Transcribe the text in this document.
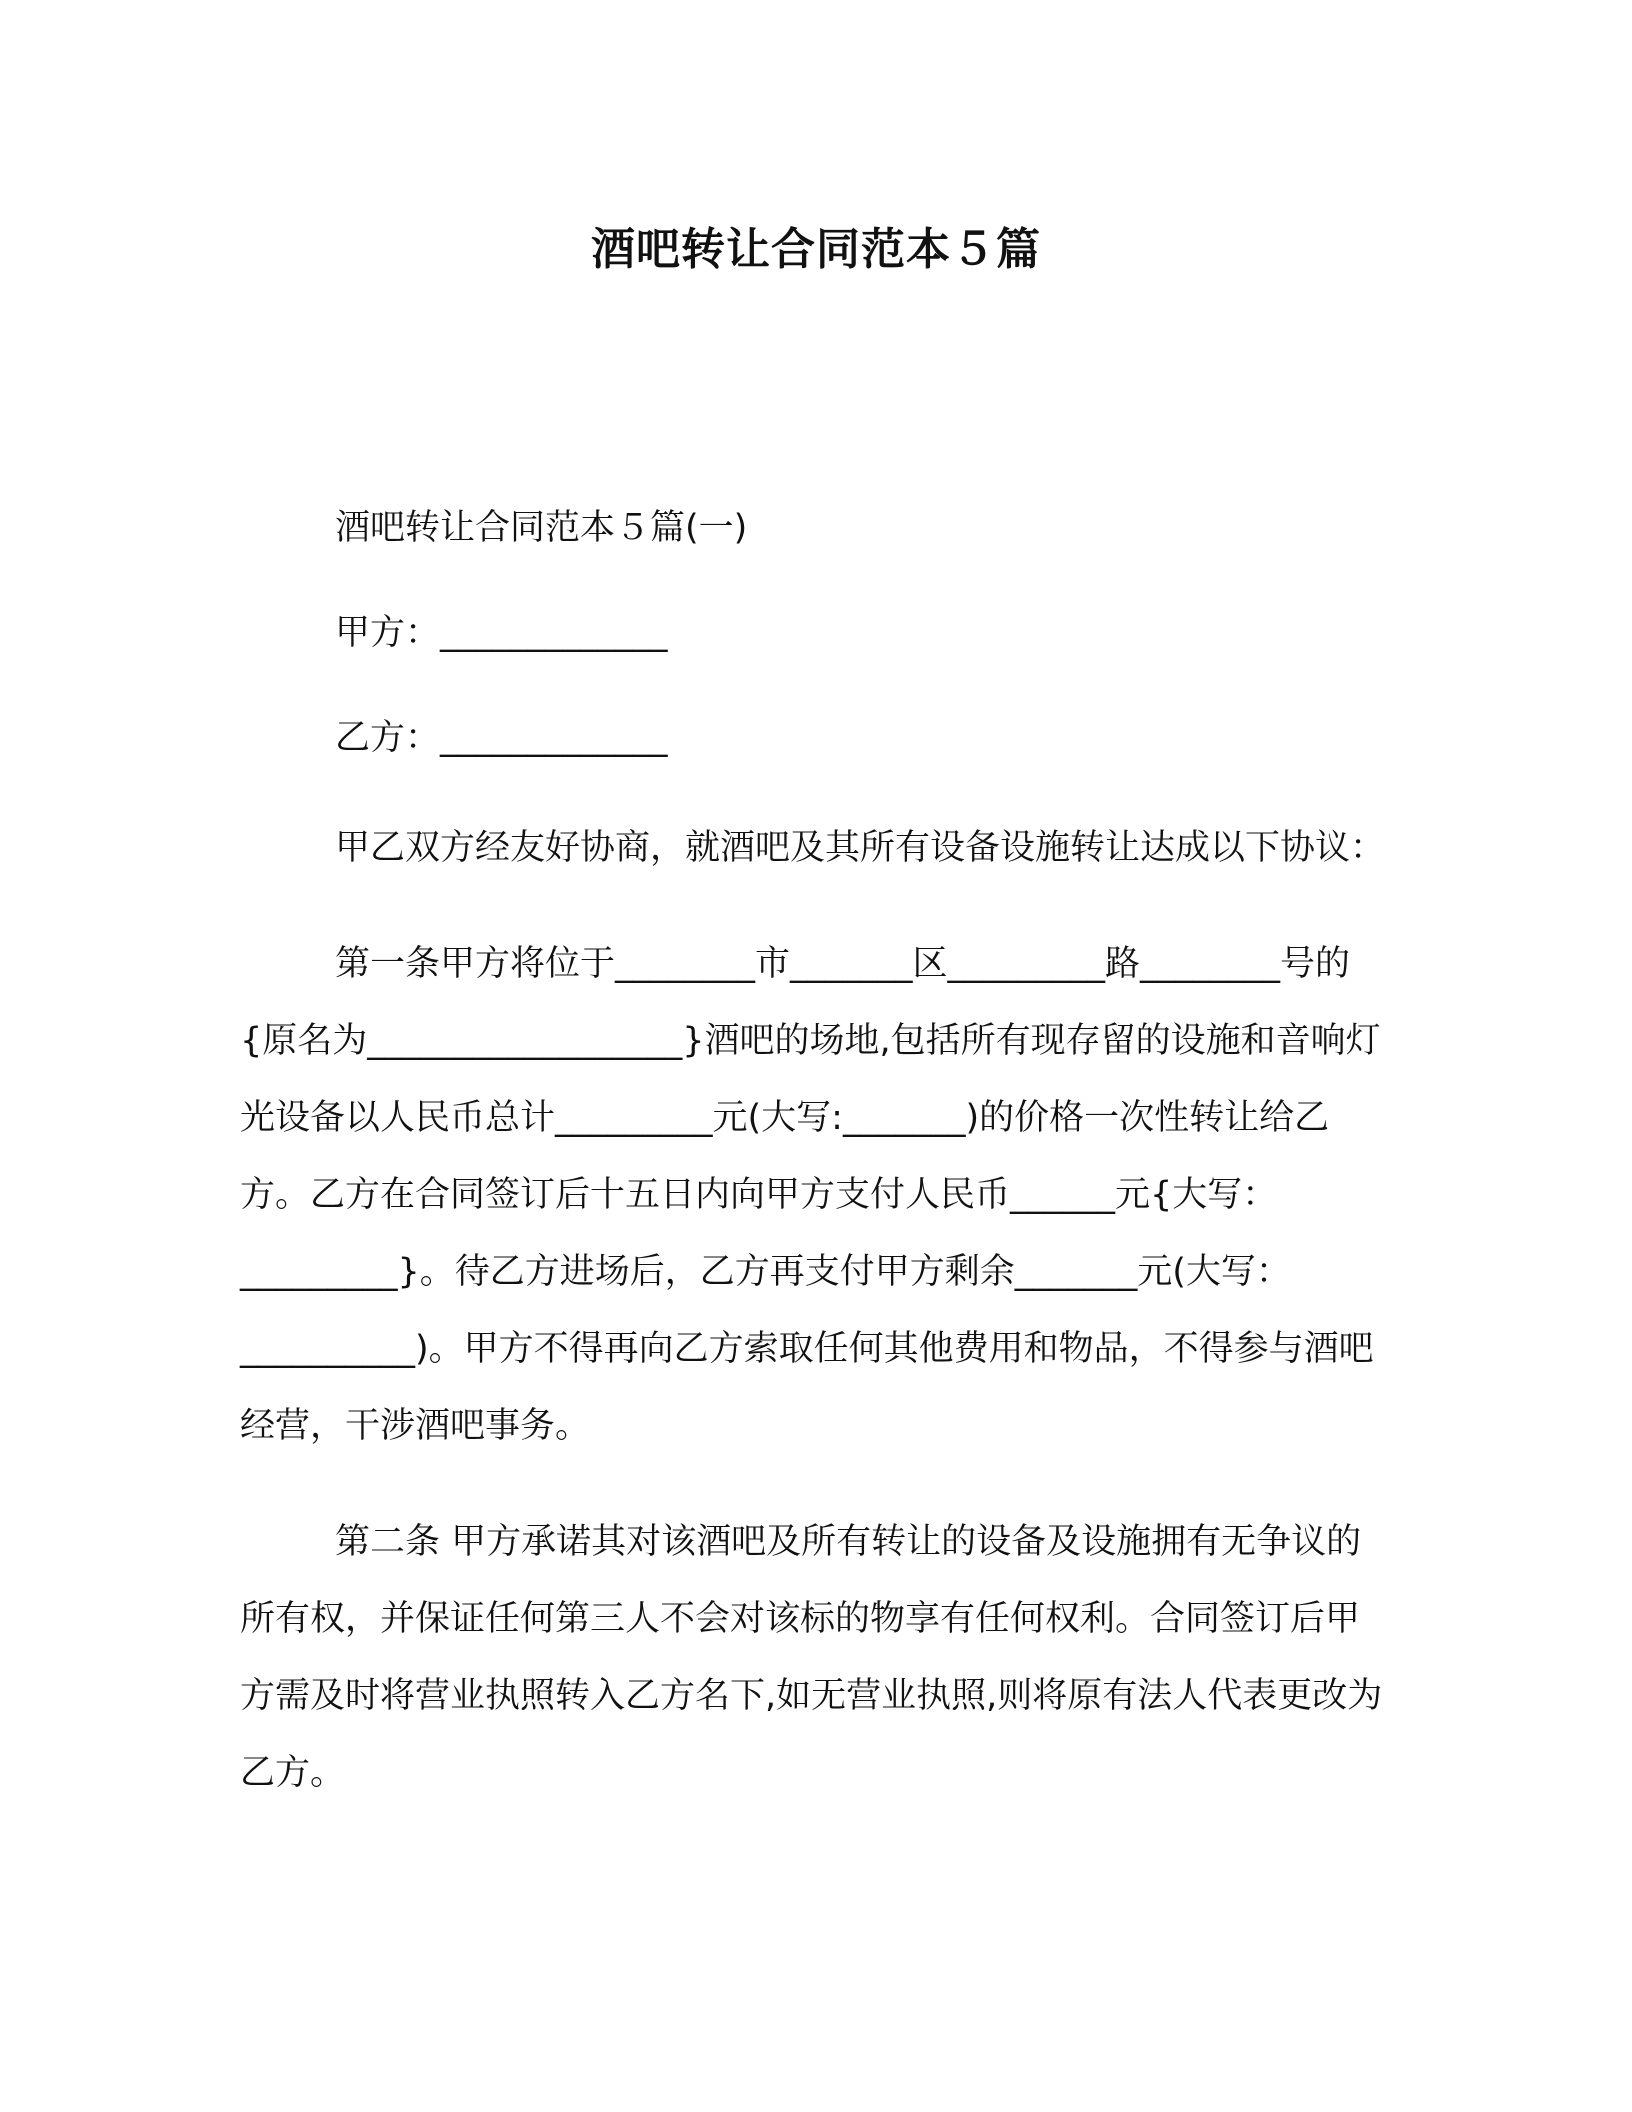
酒吧转让合同范本５篇

酒吧转让合同范本５篇(一)

甲方：_____________

乙方：_____________

甲乙双方经友好协商，就酒吧及其所有设备设施转让达成以下协议：

第一条甲方将位于________市_______区_________路________号的{原名为__________________}酒吧的场地,包括所有现存留的设施和音响灯光设备以人民币总计_________元(大写:_______)的价格一次性转让给乙方。乙方在合同签订后十五日内向甲方支付人民币______元{大写：_________}。待乙方进场后，乙方再支付甲方剩余_______元(大写：__________)。甲方不得再向乙方索取任何其他费用和物品，不得参与酒吧经营，干涉酒吧事务。

第二条 甲方承诺其对该酒吧及所有转让的设备及设施拥有无争议的所有权，并保证任何第三人不会对该标的物享有任何权利。合同签订后甲方需及时将营业执照转入乙方名下,如无营业执照,则将原有法人代表更改为乙方。
